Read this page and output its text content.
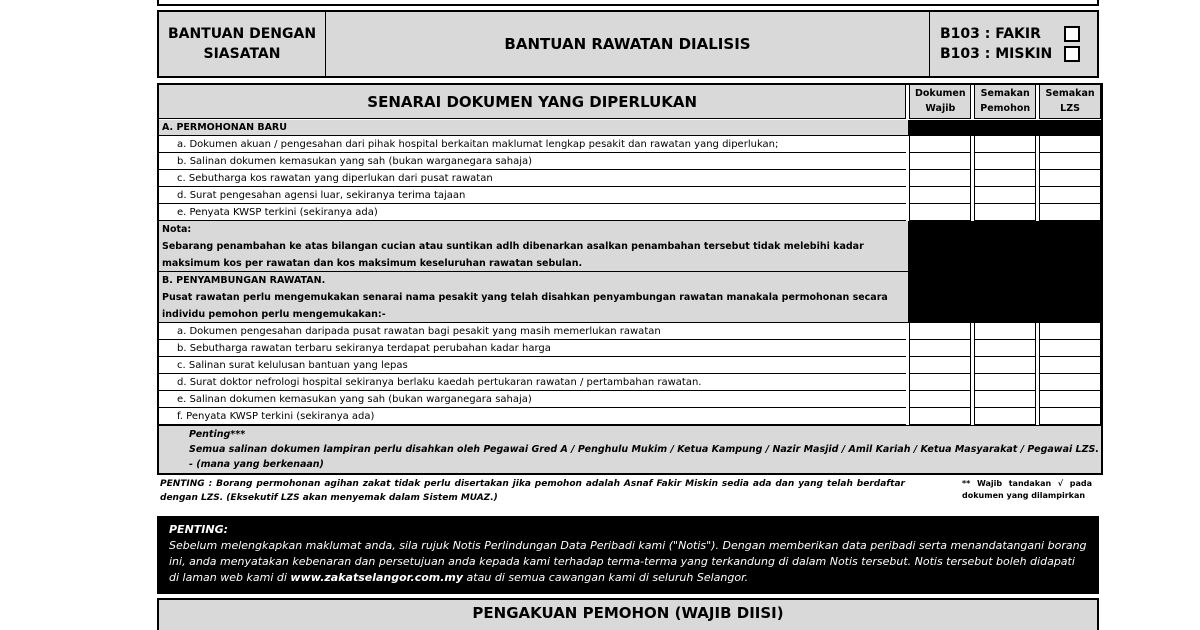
BANTUAN DENGAN SIASATAN
BANTUAN RAWATAN DIALISIS
B103 : FAKIR
B103 : MISKIN
SENARAI DOKUMEN YANG DIPERLUKAN	Dokumen Wajib
Semakan Pemohon
Semakan LZS
A. PERMOHONAN BARU
a. Dokumen akuan / pengesahan dari pihak hospital berkaitan maklumat lengkap pesakit dan rawatan yang diperlukan;
b. Salinan dokumen kemasukan yang sah (bukan warganegara sahaja)
c. Sebutharga kos rawatan yang diperlukan dari pusat rawatan
d. Surat pengesahan agensi luar, sekiranya terima tajaan
e. Penyata KWSP terkini (sekiranya ada)
Nota:
Sebarang penambahan ke atas bilangan cucian atau suntikan adlh dibenarkan asalkan penambahan tersebut tidak melebihi kadar maksimum kos per rawatan dan kos maksimum keseluruhan rawatan sebulan.
B. PENYAMBUNGAN RAWATAN.
Pusat rawatan perlu mengemukakan senarai nama pesakit yang telah disahkan penyambungan rawatan manakala permohonan secara individu pemohon perlu mengemukakan:-
a. Dokumen pengesahan daripada pusat rawatan bagi pesakit yang masih memerlukan rawatan
b. Sebutharga rawatan terbaru sekiranya terdapat perubahan kadar harga
c. Salinan surat kelulusan bantuan yang lepas
d. Surat doktor nefrologi hospital sekiranya berlaku kaedah pertukaran rawatan / pertambahan rawatan.
e. Salinan dokumen kemasukan yang sah (bukan warganegara sahaja)
f. Penyata KWSP terkini (sekiranya ada)
Penting***
Semua salinan dokumen lampiran perlu disahkan oleh Pegawai Gred A / Penghulu Mukim / Ketua Kampung / Nazir Masjid / Amil Kariah / Ketua Masyarakat / Pegawai LZS. - (mana yang berkenaan)
PENTING : Borang permohonan agihan zakat tidak perlu disertakan jika pemohon adalah Asnaf Fakir Miskin sedia ada dan yang telah berdaftar dengan LZS. (Eksekutif LZS akan menyemak dalam Sistem MUAZ.)
** Wajib tandakan √ pada dokumen yang dilampirkan
PENTING:
Sebelum melengkapkan maklumat anda, sila rujuk Notis Perlindungan Data Peribadi kami ("Notis"). Dengan memberikan data peribadi serta menandatangani borang ini, anda menyatakan kebenaran dan persetujuan anda kepada kami terhadap terma-terma yang terkandung di dalam Notis tersebut. Notis tersebut boleh didapati di laman web kami di www.zakatselangor.com.my atau di semua cawangan kami di seluruh Selangor.
PENGAKUAN PEMOHON (WAJIB DIISI)
